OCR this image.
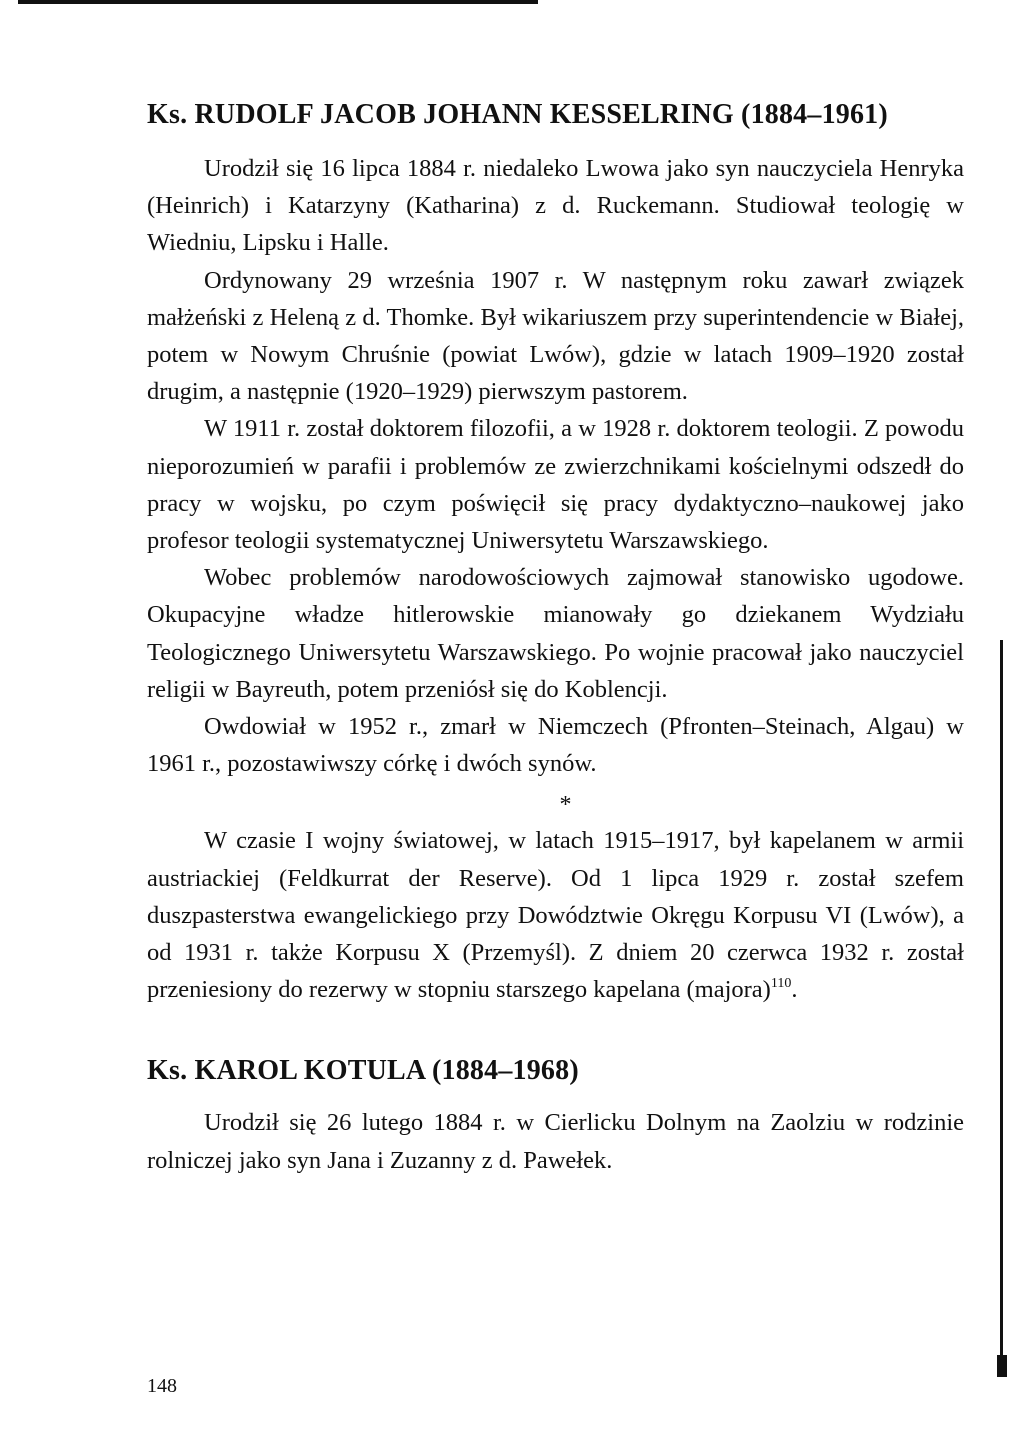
Ks. RUDOLF JACOB JOHANN KESSELRING (1884–1961)

Urodził się 16 lipca 1884 r. niedaleko Lwowa jako syn nauczyciela Henryka (Heinrich) i Katarzyny (Katharina) z d. Ruckemann. Studiował teologię w Wiedniu, Lipsku i Halle.

Ordynowany 29 września 1907 r. W następnym roku zawarł związek małżeński z Heleną z d. Thomke. Był wikariuszem przy superintendencie w Białej, potem w Nowym Chruśnie (powiat Lwów), gdzie w latach 1909–1920 został drugim, a następnie (1920–1929) pierwszym pastorem.

W 1911 r. został doktorem filozofii, a w 1928 r. doktorem teologii. Z powodu nieporozumień w parafii i problemów ze zwierzchnikami kościelnymi odszedł do pracy w wojsku, po czym poświęcił się pracy dydaktyczno–naukowej jako profesor teologii systematycznej Uniwersytetu Warszawskiego.

Wobec problemów narodowościowych zajmował stanowisko ugodowe. Okupacyjne władze hitlerowskie mianowały go dziekanem Wydziału Teologicznego Uniwersytetu Warszawskiego. Po wojnie pracował jako nauczyciel religii w Bayreuth, potem przeniósł się do Koblencji.

Owdowiał w 1952 r., zmarł w Niemczech (Pfronten–Steinach, Algau) w 1961 r., pozostawiwszy córkę i dwóch synów.

*

W czasie I wojny światowej, w latach 1915–1917, był kapelanem w armii austriackiej (Feldkurrat der Reserve). Od 1 lipca 1929 r. został szefem duszpasterstwa ewangelickiego przy Dowództwie Okręgu Korpusu VI (Lwów), a od 1931 r. także Korpusu X (Przemyśl). Z dniem 20 czerwca 1932 r. został przeniesiony do rezerwy w stopniu starszego kapelana (majora)$^{110}$.

Ks. KAROL KOTULA (1884–1968)

Urodził się 26 lutego 1884 r. w Cierlicku Dolnym na Zaolziu w rodzinie rolniczej jako syn Jana i Zuzanny z d. Pawełek.

148
